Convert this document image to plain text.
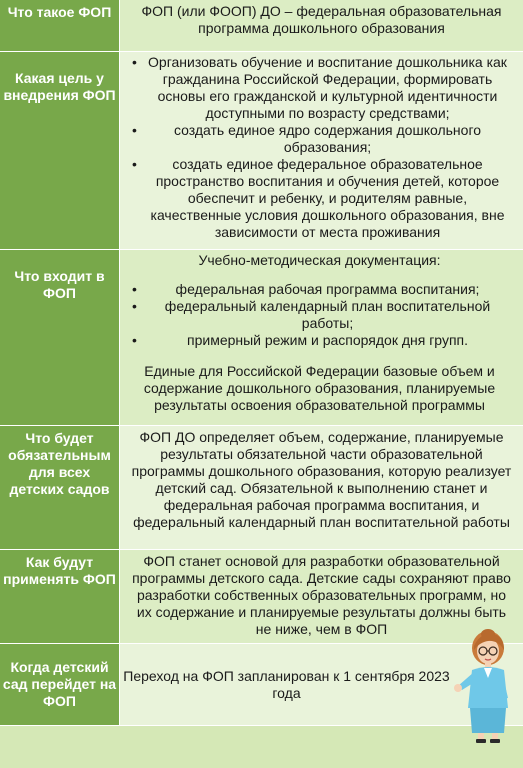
Что такое ФОП	ФОП (или ФООП) ДО – федеральная образовательная программа дошкольного образования
Какая цель у внедрения ФОП
• Организовать обучение и воспитание дошкольника как гражданина Российской Федерации, формировать основы его гражданской и культурной идентичности доступными по возрасту средствами;
• создать единое ядро содержания дошкольного образования;
• создать единое федеральное образовательное пространство воспитания и обучения детей, которое обеспечит и ребенку, и родителям равные, качественные условия дошкольного образования, вне зависимости от места проживания
Что входит в ФОП

Учебно-методическая документация:

• федеральная рабочая программа воспитания;
• федеральный календарный план воспитательной работы;
• примерный режим и распорядок дня групп.

Единые для Российской Федерации базовые объем и содержание дошкольного образования, планируемые результаты освоения образовательной программы

Что будет обязательным для всех детских садов
ФОП ДО определяет объем, содержание, планируемые результаты обязательной части образовательной программы дошкольного образования, которую реализует детский сад. Обязательной к выполнению станет и федеральная рабочая программа воспитания, и федеральный календарный план воспитательной работы
Как будут применять ФОП
ФОП станет основой для разработки образовательной программы детского сада. Детские сады сохраняют право разработки собственных образовательных программ, но их содержание и планируемые результаты должны быть не ниже, чем в ФОП
Когда детский сад перейдет на ФОП
Переход на ФОП запланирован к 1 сентября 2023 года
